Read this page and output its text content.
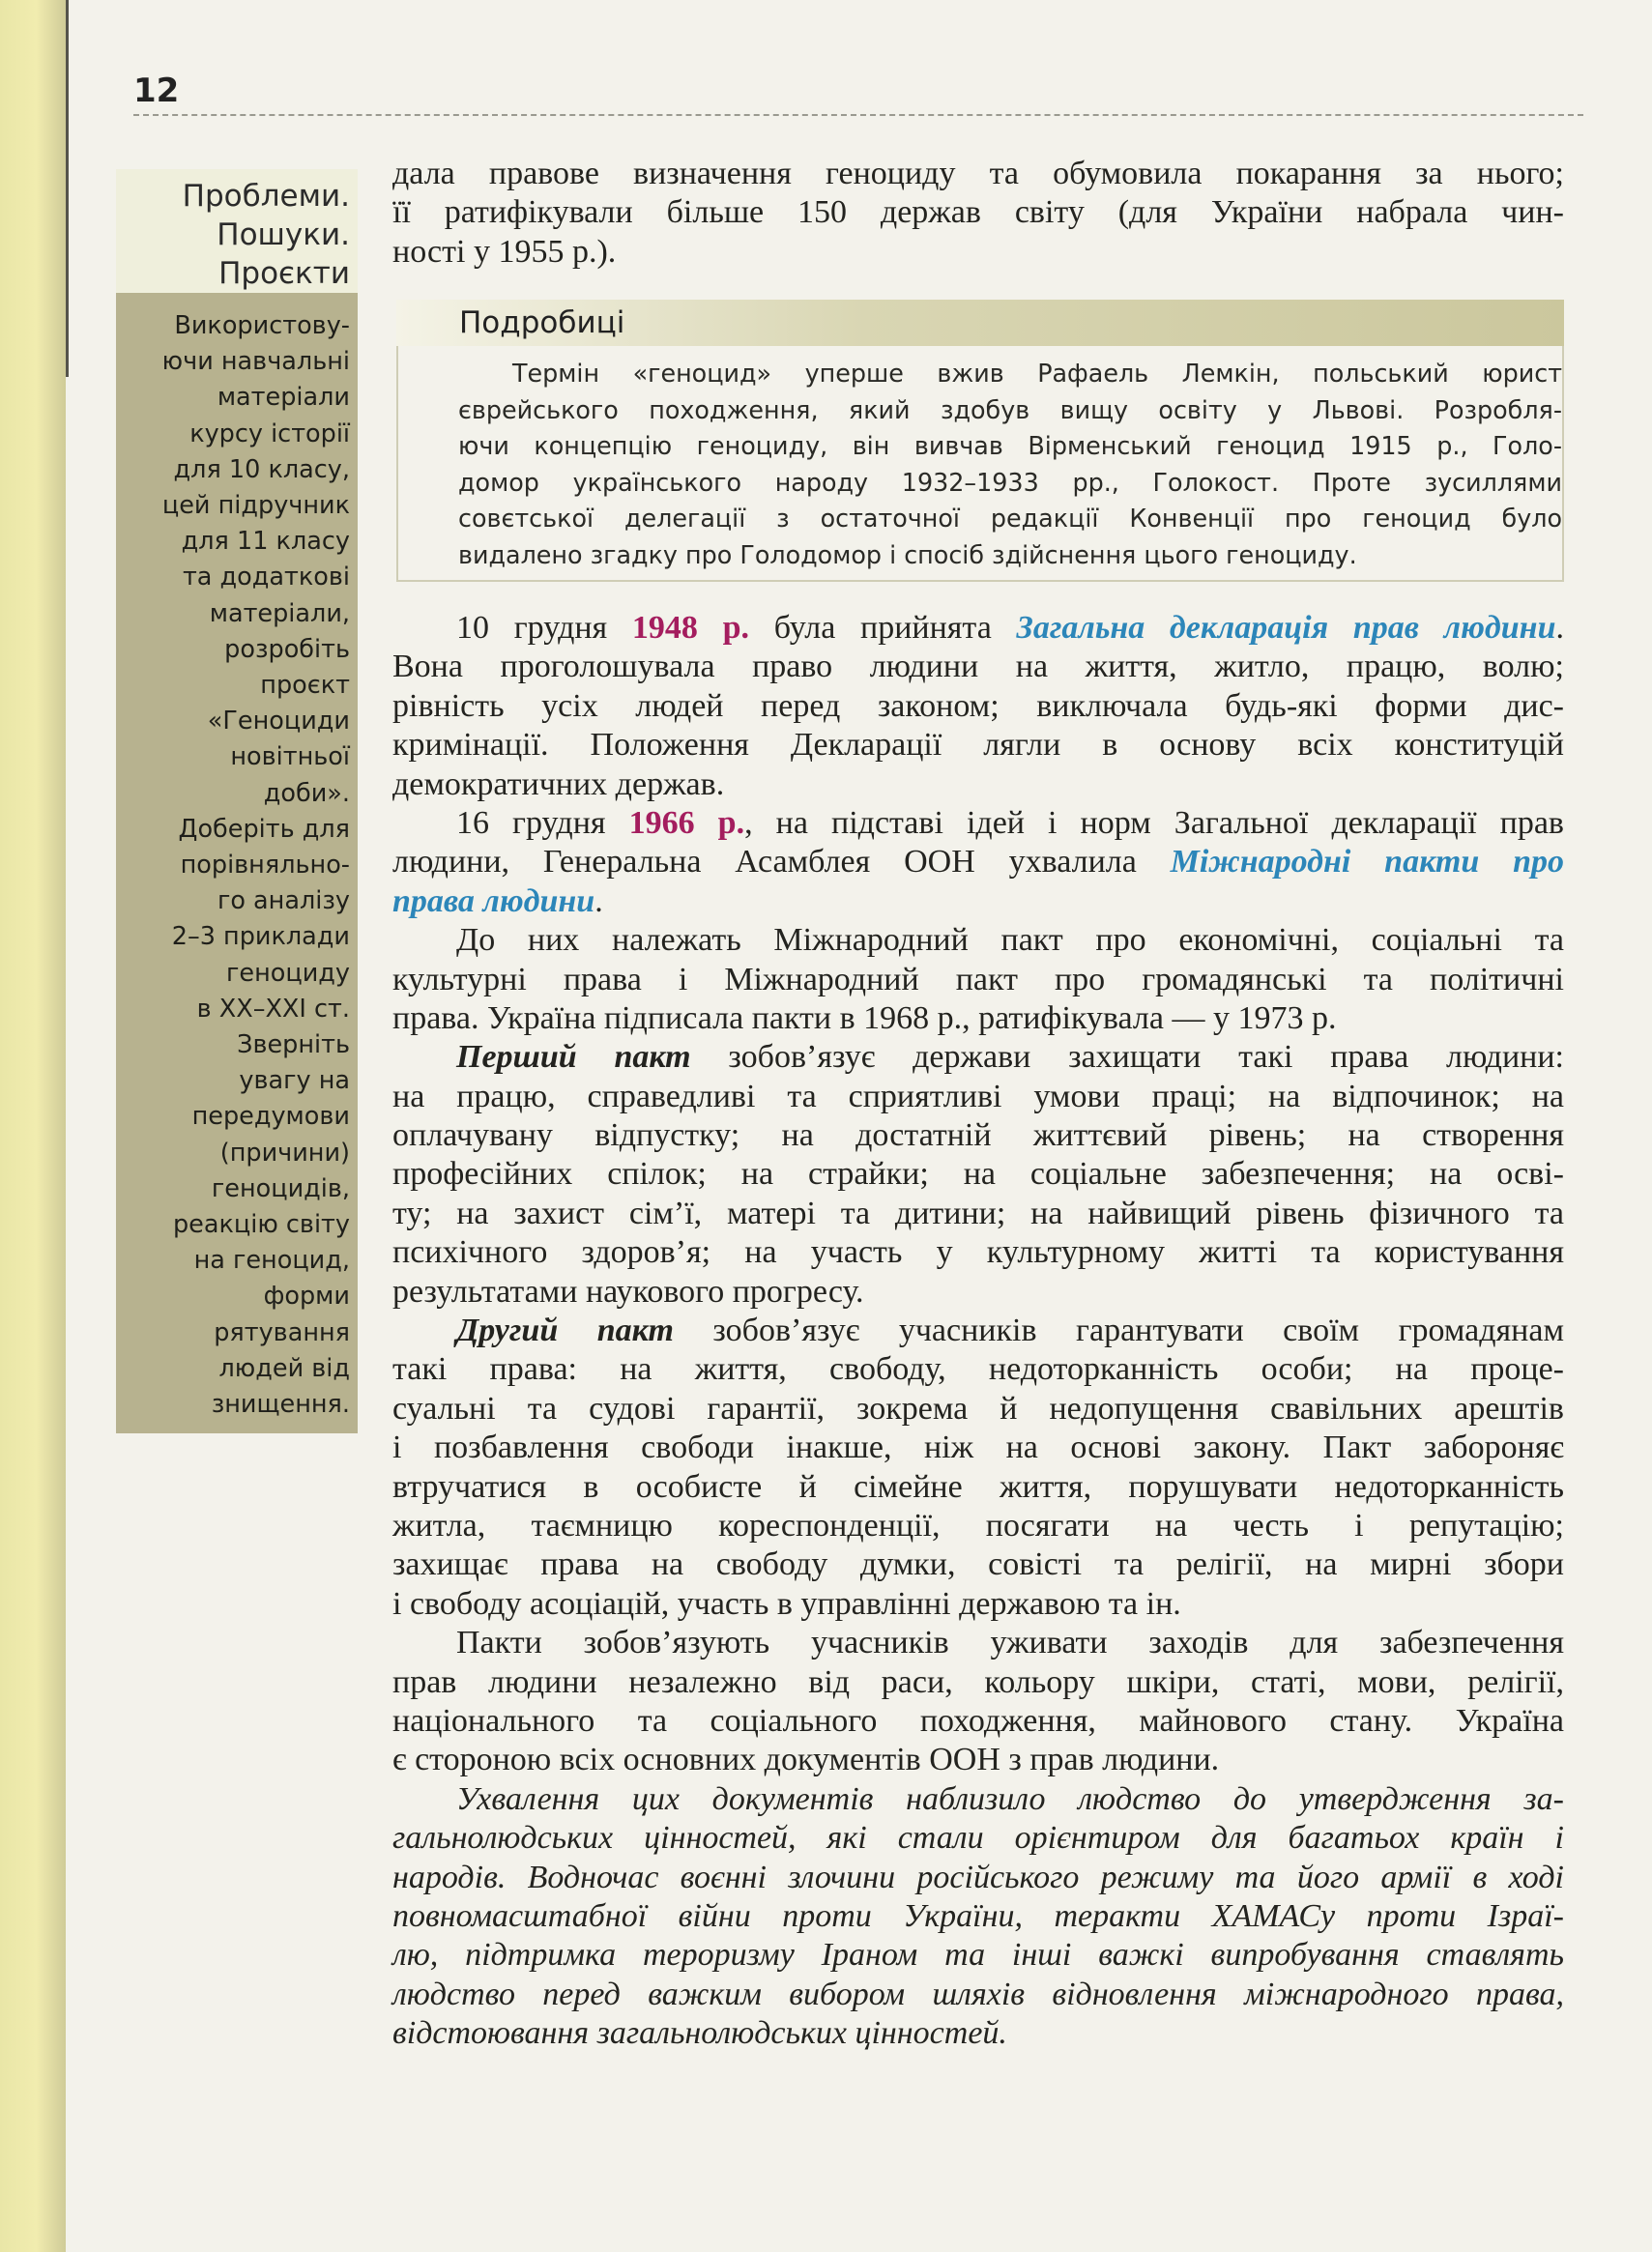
12
Проблеми.
Пошуки.
Проєкти
Використову-
ючи навчальні
матеріали
курсу історії
для 10 класу,
цей підручник
для 11 класу
та додаткові
матеріали,
розробіть
проєкт
«Геноциди
новітньої
доби».
Доберіть для
порівняльно-
го аналізу
2–3 приклади
геноциду
в ХХ–ХХІ ст.
Зверніть
увагу на
передумови
(причини)
геноцидів,
реакцію світу
на геноцид,
форми
рятування
людей від
знищення.
дала правове визначення геноциду та обумовила покарання за нього;
її ратифікували більше 150 держав світу (для України набрала чин-
ності у 1955 р.).
Подробиці
Термін «геноцид» уперше вжив Рафаель Лемкін, польський юрист
єврейського походження, який здобув вищу освіту у Львові. Розробля-
ючи концепцію геноциду, він вивчав Вірменський геноцид 1915 р., Голо-
домор українського народу 1932–1933 рр., Голокост. Проте зусиллями
совєтської делегації з остаточної редакції Конвенції про геноцид було
видалено згадку про Голодомор і спосіб здійснення цього геноциду.
10 грудня 1948 р. була прийнята Загальна декларація прав людини.
Вона проголошувала право людини на життя, житло, працю, волю;
рівність усіх людей перед законом; виключала будь-які форми дис-
кримінації. Положення Декларації лягли в основу всіх конституцій
демократичних держав.
16 грудня 1966 р., на підставі ідей і норм Загальної декларації прав
людини, Генеральна Асамблея ООН ухвалила Міжнародні пакти про
права людини.
До них належать Міжнародний пакт про економічні, соціальні та
культурні права і Міжнародний пакт про громадянські та політичні
права. Україна підписала пакти в 1968 р., ратифікувала — у 1973 р.
Перший пакт зобов’язує держави захищати такі права людини:
на працю, справедливі та сприятливі умови праці; на відпочинок; на
оплачувану відпустку; на достатній життєвий рівень; на створення
професійних спілок; на страйки; на соціальне забезпечення; на осві-
ту; на захист сім’ї, матері та дитини; на найвищий рівень фізичного та
психічного здоров’я; на участь у культурному житті та користування
результатами наукового прогресу.
Другий пакт зобов’язує учасників гарантувати своїм громадянам
такі права: на життя, свободу, недоторканність особи; на проце-
суальні та судові гарантії, зокрема й недопущення свавільних арештів
і позбавлення свободи інакше, ніж на основі закону. Пакт забороняє
втручатися в особисте й сімейне життя, порушувати недоторканність
житла, таємницю кореспонденції, посягати на честь і репутацію;
захищає права на свободу думки, совісті та релігії, на мирні збори
і свободу асоціацій, участь в управлінні державою та ін.
Пакти зобов’язують учасників уживати заходів для забезпечення
прав людини незалежно від раси, кольору шкіри, статі, мови, релігії,
національного та соціального походження, майнового стану. Україна
є стороною всіх основних документів ООН з прав людини.
Ухвалення цих документів наблизило людство до утвердження за-
гальнолюдських цінностей, які стали орієнтиром для багатьох країн і
народів. Водночас воєнні злочини російського режиму та його армії в ході
повномасштабної війни проти України, теракти ХАМАСу проти Ізраї-
лю, підтримка тероризму Іраном та інші важкі випробування ставлять
людство перед важким вибором шляхів відновлення міжнародного права,
відстоювання загальнолюдських цінностей.
